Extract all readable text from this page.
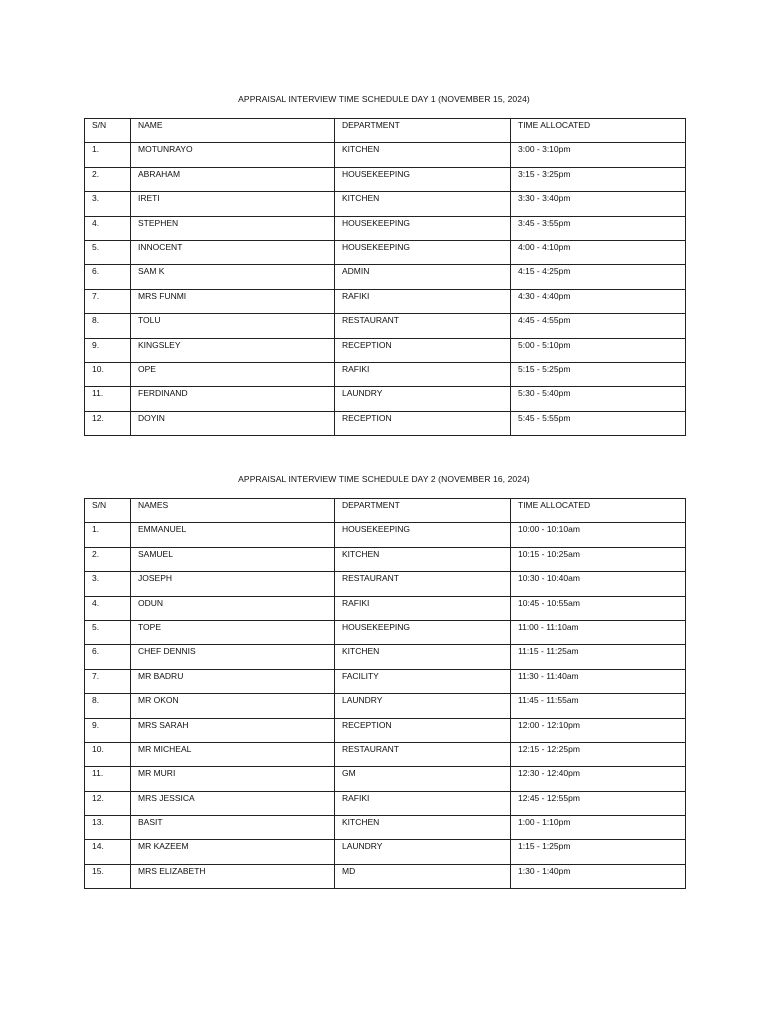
APPRAISAL INTERVIEW TIME SCHEDULE DAY 1 (NOVEMBER 15, 2024)
S/N	NAME	DEPARTMENT	TIME ALLOCATED
1.	MOTUNRAYO	KITCHEN	3:00 - 3:10pm
2.	ABRAHAM	HOUSEKEEPING	3:15 - 3:25pm
3.	IRETI	KITCHEN	3:30 - 3:40pm
4.	STEPHEN	HOUSEKEEPING	3:45 - 3:55pm
5.	INNOCENT	HOUSEKEEPING	4:00 - 4:10pm
6.	SAM K	ADMIN	4:15 - 4:25pm
7.	MRS FUNMI	RAFIKI	4:30 - 4:40pm
8.	TOLU	RESTAURANT	4:45 - 4:55pm
9.	KINGSLEY	RECEPTION	5:00 - 5:10pm
10.	OPE	RAFIKI	5:15 - 5:25pm
11.	FERDINAND	LAUNDRY	5:30 - 5:40pm
12.	DOYIN	RECEPTION	5:45 - 5:55pm
APPRAISAL INTERVIEW TIME SCHEDULE DAY 2 (NOVEMBER 16, 2024)
S/N	NAMES	DEPARTMENT	TIME ALLOCATED
1.	EMMANUEL	HOUSEKEEPING	10:00 - 10:10am
2.	SAMUEL	KITCHEN	10:15 - 10:25am
3.	JOSEPH	RESTAURANT	10:30 - 10:40am
4.	ODUN	RAFIKI	10:45 - 10:55am
5.	TOPE	HOUSEKEEPING	11:00 - 11:10am
6.	CHEF DENNIS	KITCHEN	11:15 - 11:25am
7.	MR BADRU	FACILITY	11:30 - 11:40am
8.	MR OKON	LAUNDRY	11:45 - 11:55am
9.	MRS SARAH	RECEPTION	12:00 - 12:10pm
10.	MR MICHEAL	RESTAURANT	12:15 - 12:25pm
11.	MR MURI	GM	12:30 - 12:40pm
12.	MRS JESSICA	RAFIKI	12:45 - 12:55pm
13.	BASIT	KITCHEN	1:00 - 1:10pm
14.	MR KAZEEM	LAUNDRY	1:15 - 1:25pm
15.	MRS ELIZABETH	MD	1:30 - 1:40pm
